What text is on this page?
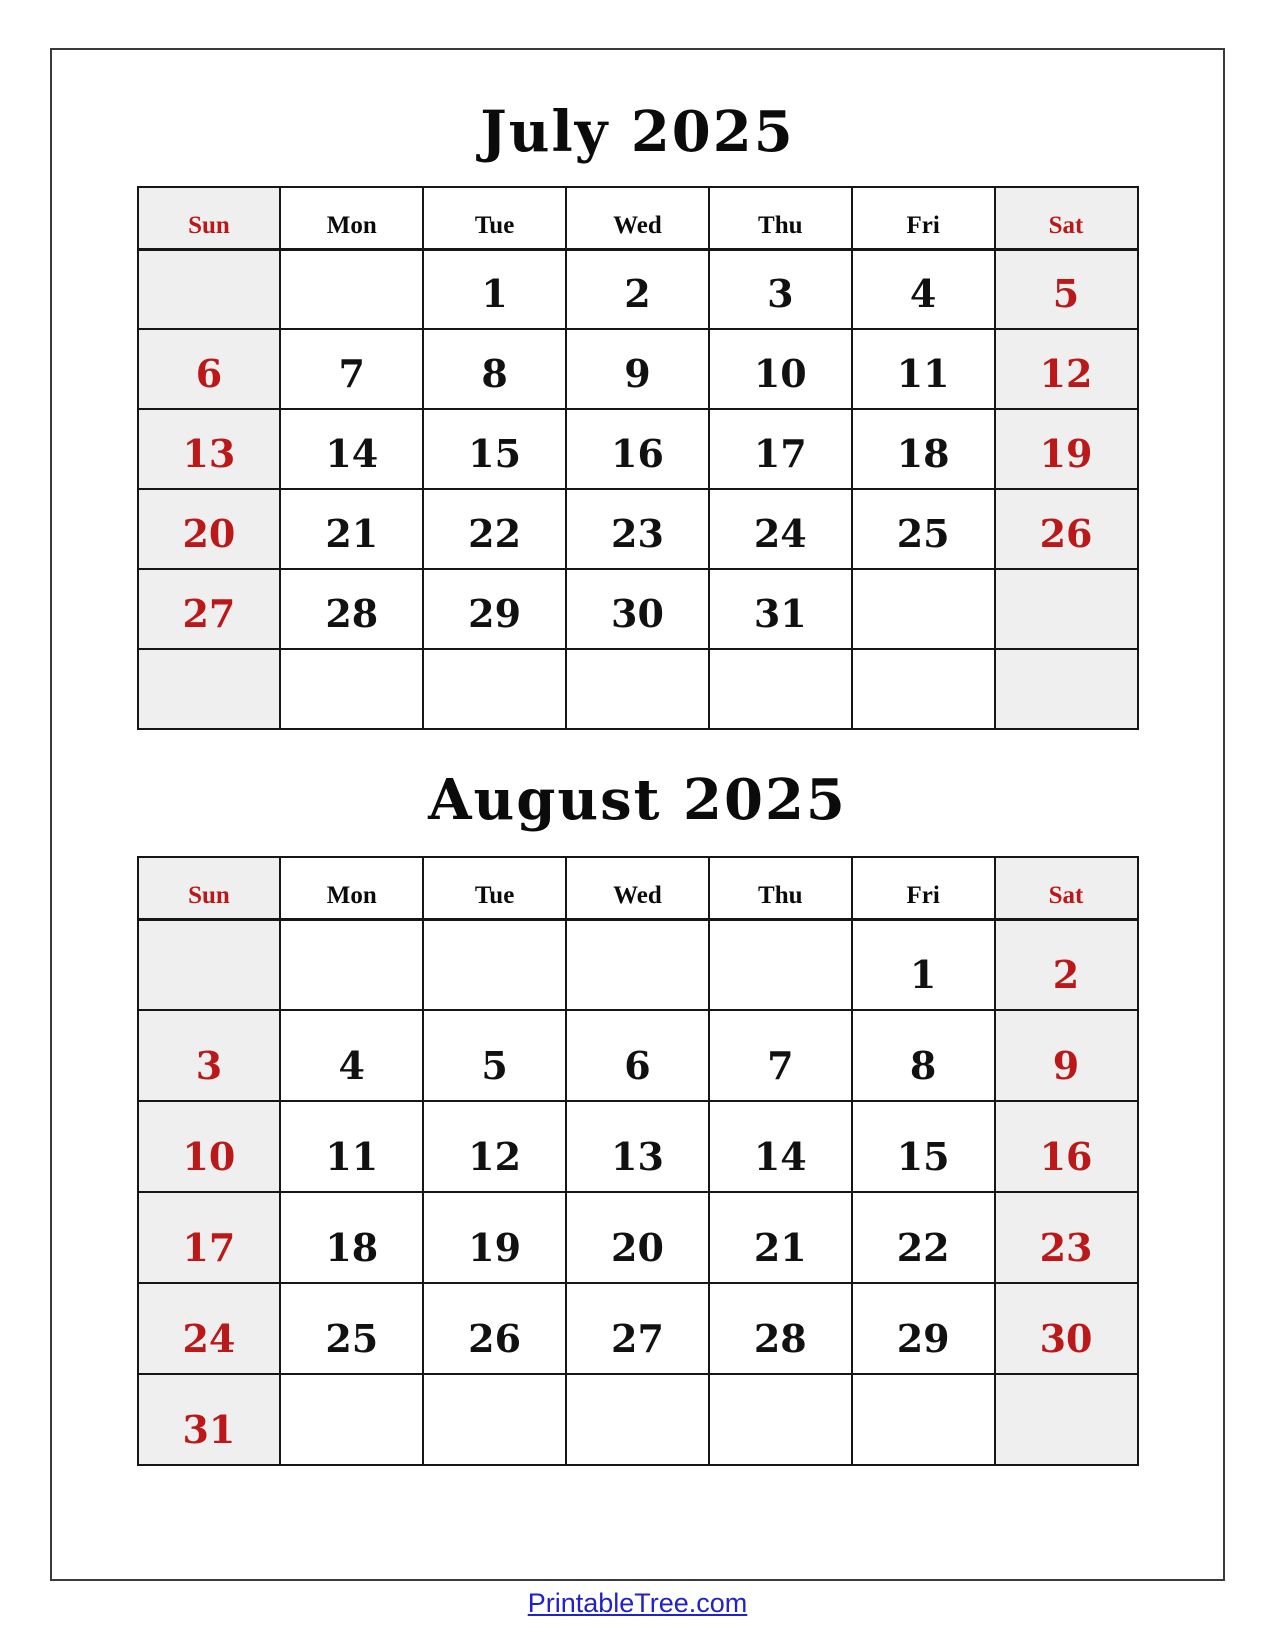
July 2025
Sun	Mon	Tue	Wed	Thu	Fri	Sat
		1	2	3	4	5
6	7	8	9	10	11	12
13	14	15	16	17	18	19
20	21	22	23	24	25	26
27	28	29	30	31		

August 2025
Sun	Mon	Tue	Wed	Thu	Fri	Sat
					1	2
3	4	5	6	7	8	9
10	11	12	13	14	15	16
17	18	19	20	21	22	23
24	25	26	27	28	29	30
31						
PrintableTree.com
